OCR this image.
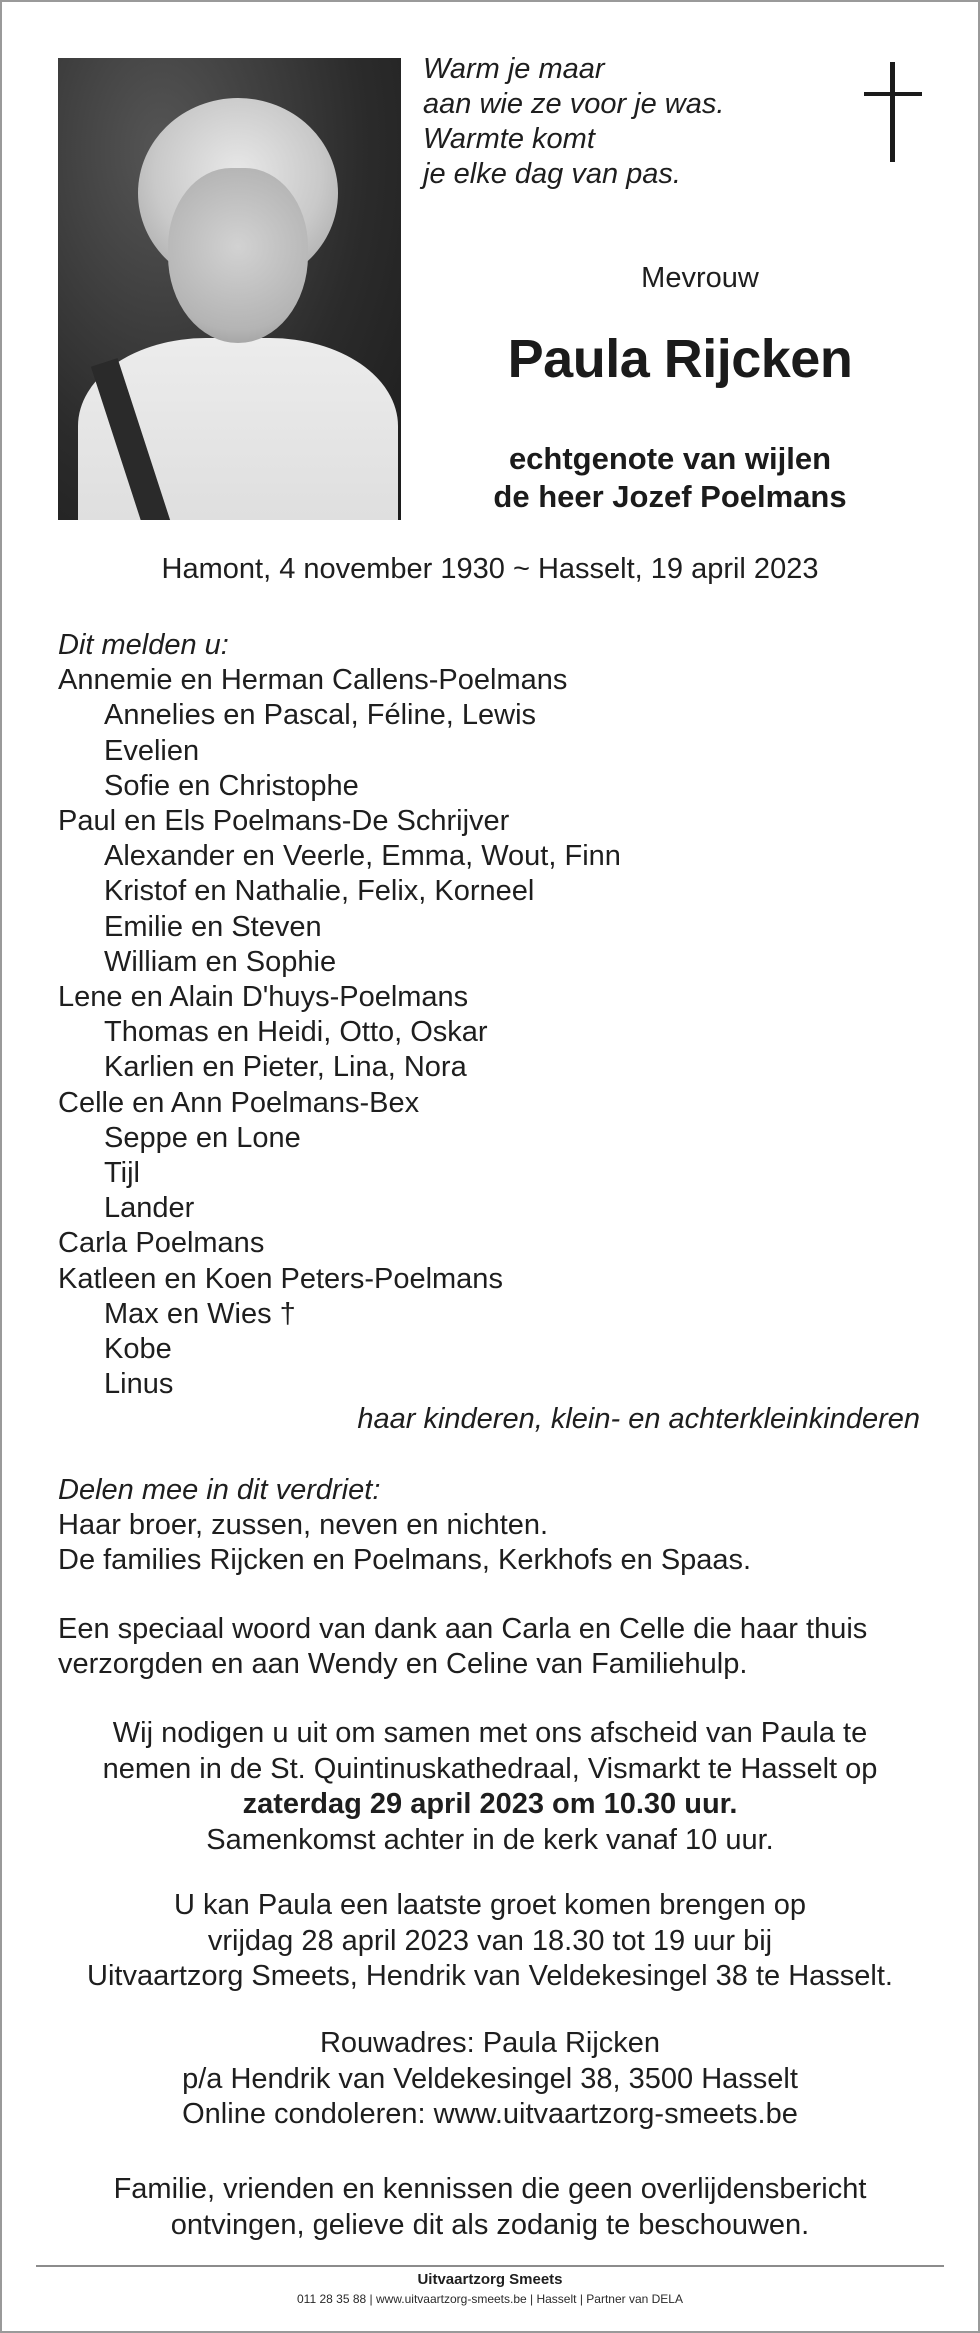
Warm je maar
aan wie ze voor je was.
Warmte komt
je elke dag van pas.
Mevrouw
Paula Rijcken
echtgenote van wijlen
de heer Jozef Poelmans
Hamont, 4 november 1930 ~ Hasselt, 19 april 2023
Dit melden u:
Annemie en Herman Callens-Poelmans
Annelies en Pascal, Féline, Lewis
Evelien
Sofie en Christophe
Paul en Els Poelmans-De Schrijver
Alexander en Veerle, Emma, Wout, Finn
Kristof en Nathalie, Felix, Korneel
Emilie en Steven
William en Sophie
Lene en Alain D'huys-Poelmans
Thomas en Heidi, Otto, Oskar
Karlien en Pieter, Lina, Nora
Celle en Ann Poelmans-Bex
Seppe en Lone
Tijl
Lander
Carla Poelmans
Katleen en Koen Peters-Poelmans
Max en Wies †
Kobe
Linus
haar kinderen, klein- en achterkleinkinderen
Delen mee in dit verdriet:
Haar broer, zussen, neven en nichten.
De families Rijcken en Poelmans, Kerkhofs en Spaas.
Een speciaal woord van dank aan Carla en Celle die haar thuis verzorgden en aan Wendy en Celine van Familiehulp.
Wij nodigen u uit om samen met ons afscheid van Paula te
nemen in de St. Quintinuskathedraal, Vismarkt te Hasselt op
zaterdag 29 april 2023 om 10.30 uur.
Samenkomst achter in de kerk vanaf 10 uur.
U kan Paula een laatste groet komen brengen op
vrijdag 28 april 2023 van 18.30 tot 19 uur bij
Uitvaartzorg Smeets, Hendrik van Veldekesingel 38 te Hasselt.
Rouwadres: Paula Rijcken
p/a Hendrik van Veldekesingel 38, 3500 Hasselt
Online condoleren: www.uitvaartzorg-smeets.be
Familie, vrienden en kennissen die geen overlijdensbericht
ontvingen, gelieve dit als zodanig te beschouwen.
Uitvaartzorg Smeets
011 28 35 88 | www.uitvaartzorg-smeets.be | Hasselt | Partner van DELA
